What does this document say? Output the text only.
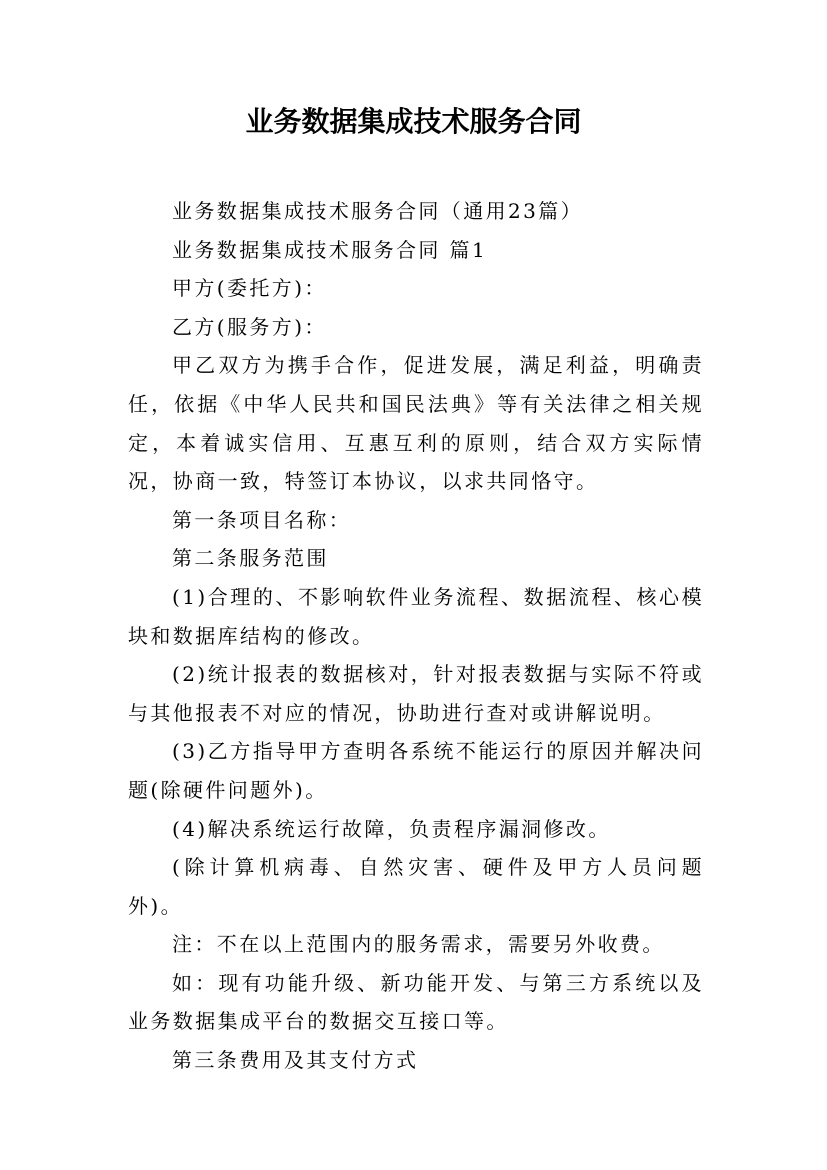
业务数据集成技术服务合同

业务数据集成技术服务合同（通用23篇）

业务数据集成技术服务合同 篇1

甲方(委托方)：

乙方(服务方)：

甲乙双方为携手合作，促进发展，满足利益，明确责任，依据《中华人民共和国民法典》等有关法律之相关规定，本着诚实信用、互惠互利的原则，结合双方实际情况，协商一致，特签订本协议，以求共同恪守。

第一条项目名称：

第二条服务范围

(1)合理的、不影响软件业务流程、数据流程、核心模块和数据库结构的修改。

(2)统计报表的数据核对，针对报表数据与实际不符或与其他报表不对应的情况，协助进行查对或讲解说明。

(3)乙方指导甲方查明各系统不能运行的原因并解决问题(除硬件问题外)。

(4)解决系统运行故障，负责程序漏洞修改。

(除计算机病毒、自然灾害、硬件及甲方人员问题外)。

注：不在以上范围内的服务需求，需要另外收费。

如：现有功能升级、新功能开发、与第三方系统以及业务数据集成平台的数据交互接口等。

第三条费用及其支付方式
